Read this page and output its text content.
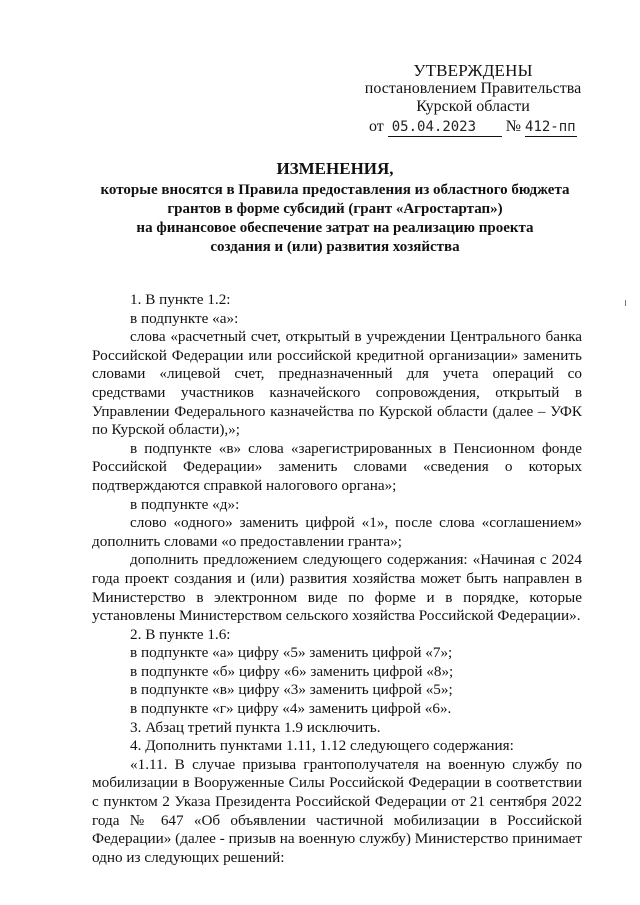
УТВЕРЖДЕНЫ
постановлением Правительства
Курской области
от 05.04.2023 № 412-пп
ИЗМЕНЕНИЯ,
которые вносятся в Правила предоставления из областного бюджета
грантов в форме субсидий (грант «Агростартап»)
на финансовое обеспечение затрат на реализацию проекта
создания и (или) развития хозяйства

1. В пункте 1.2:

в подпункте «а»:

слова «расчетный счет, открытый в учреждении Центрального банка Российской Федерации или российской кредитной организации» заменить словами «лицевой счет, предназначенный для учета операций со средствами участников казначейского сопровождения, открытый в Управлении Федерального казначейства по Курской области (далее – УФК по Курской области),»;

в подпункте «в» слова «зарегистрированных в Пенсионном фонде Российской Федерации» заменить словами «сведения о которых подтверждаются справкой налогового органа»;

в подпункте «д»:

слово «одного» заменить цифрой «1», после слова «соглашением» дополнить словами «о предоставлении гранта»;

дополнить предложением следующего содержания: «Начиная с 2024 года проект создания и (или) развития хозяйства может быть направлен в Министерство в электронном виде по форме и в порядке, которые установлены Министерством сельского хозяйства Российской Федерации».

2. В пункте 1.6:

в подпункте «а» цифру «5» заменить цифрой «7»;

в подпункте «б» цифру «6» заменить цифрой «8»;

в подпункте «в» цифру «3» заменить цифрой «5»;

в подпункте «г» цифру «4» заменить цифрой «6».

3. Абзац третий пункта 1.9 исключить.

4. Дополнить пунктами 1.11, 1.12 следующего содержания:

«1.11. В случае призыва грантополучателя на военную службу по мобилизации в Вооруженные Силы Российской Федерации в соответствии с пунктом 2 Указа Президента Российской Федерации от 21 сентября 2022 года № 647 «Об объявлении частичной мобилизации в Российской Федерации» (далее - призыв на военную службу) Министерство принимает одно из следующих решений:
